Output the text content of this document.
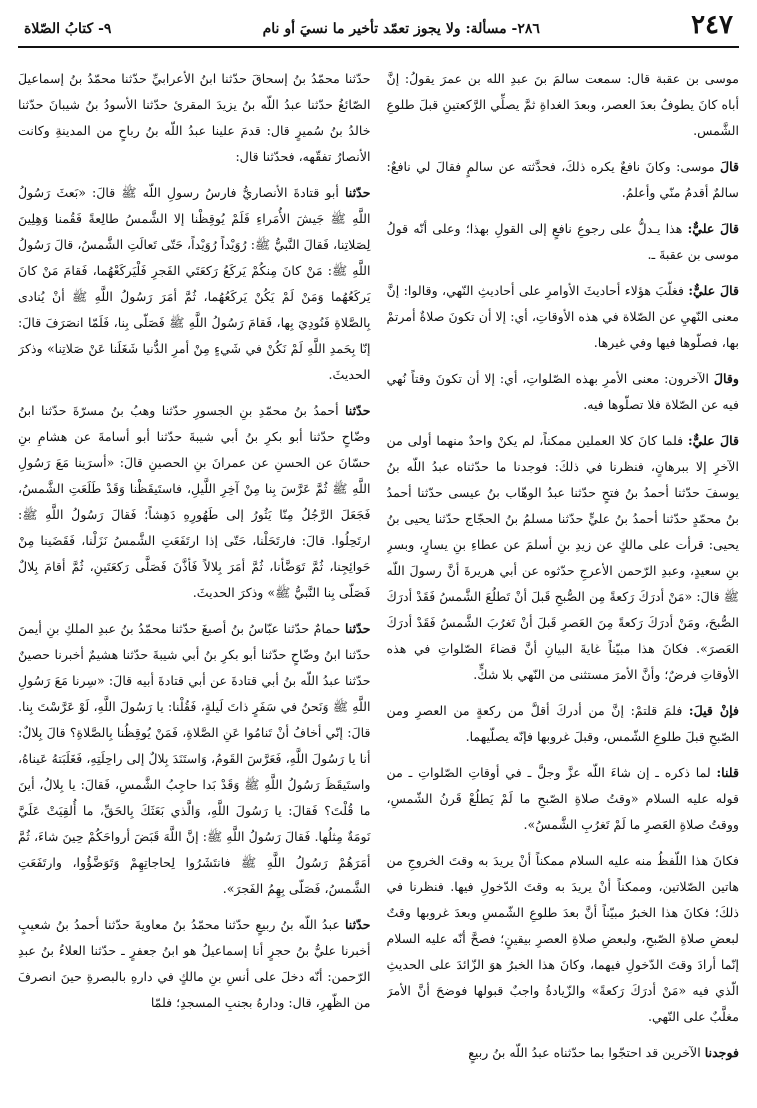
٢٤٧
٢٨٦- مسألة: ولا يجوز تعمّد تأخير ما نسيَ أو نام
٩- كتابُ الصّلاة

موسى بن عقبة قال: سمعت سالمَ بنَ عبدِ الله بن عمرَ يقولُ: إنَّ أباه كانَ يطوفُ بعدَ العصر، وبعدَ الغداةِ ثمَّ يصلِّي الرَّكعتينِ قبلَ طلوعِ الشَّمس.

قالَ موسى: وكانَ نافعٌ يكره ذلكَ، فحدَّثته عن سالمٍ فقالَ لي نافعٌ: سالمٌ أقدمُ منّي وأعلمُ.

قالَ عليٌّ: هذا يـدلُّ على رجوعِ نافعٍ إلى القولِ بهذا؛ وعلى أنّه قولُ موسى بن عقبةَ ـ.

قالَ عليٌّ: فغلّبَ هؤلاء أحاديثَ الأوامرِ على أحاديثِ النّهي، وقالوا: إنَّ معنى النّهيِ عن الصّلاة في هذه الأوقاتِ، أي: إلا أن تكونَ صلاةٌ أمرتمْ بها، فصلّوها فيها وفي غيرها.

وقالَ الآخرون: معنى الأمرِ بهذه الصّلواتِ، أي: إلا أن تكونَ وقتاً نُهي فيه عن الصّلاة فلا تصلّوها فيه.

قالَ عليٌّ: فلما كانَ كلا العملين ممكناً، لم يكنْ واحدٌ منهما أولى من الآخرِ إلا ببرهانٍ، فنظرنا في ذلكَ: فوجدنا ما حدّثناه عبدُ اللّه بنُ يوسفَ حدّثنا أحمدُ بنُ فتحٍ حدّثنا عبدُ الوهّاب بنُ عيسى حدّثنا أحمدُ بنُ محمّدٍ حدّثنا أحمدُ بنُ عليٍّ حدّثنا مسلمُ بنُ الحجّاج حدّثنا يحيى بنُ يحيى: قرأت على مالكٍ عن زيدِ بنِ أسلمَ عن عطاءِ بنِ يسارٍ، وبسرِ بنِ سعيدٍ، وعبدِ الرّحمن الأعرجِ حدّثوه عن أبي هريرةَ أنَّ رسولَ اللّه ﷺ قالَ: «مَنْ أدرَكَ رَكعةً مِن الصُّبحِ قَبلَ أنْ تَطلُعَ الشَّمسُ فَقَدْ أدرَكَ الصُّبحَ، ومَنْ أدرَكَ رَكعةً مِنَ العَصرِ قَبلَ أنْ تَغرُبَ الشَّمسُ فَقَدْ أدرَكَ العَصرَ». فكانَ هذا مبيّناً غايةَ البيانِ أنَّ قضاءَ الصّلواتِ في هذه الأوقاتِ فرضٌ؛ وأنَّ الأمرَ مستثنى من النّهي بلا شكٍّ.

فإنْ قيلَ: فلمَ قلتمْ: إنَّ من أدركَ أقلَّ من ركعةٍ من العصرِ ومن الصّبحِ قبلَ طلوعِ الشّمس، وقبلَ غروبها فإنّه يصلّيهما.

قلنا: لما ذكره ـ إن شاءَ اللّه عزَّ وجلَّ ـ في أوقاتِ الصّلواتِ ـ من قوله عليه السلام «وقتُ صلاةِ الصّبحِ ما لَمْ يَطلُعْ قَرنُ الشّمسِ، ووقتُ صلاةِ العَصرِ ما لَمْ تَغرُبِ الشَّمسُ».

فكانَ هذا اللّفظُ منه عليه السلام ممكناً أنْ يريدَ به وقتَ الخروجِ من هاتين الصّلاتين، وممكناً أنْ يريدَ به وقتَ الدّخولِ فيها. فنظرنا في ذلكَ؛ فكانَ هذا الخبرُ مبيّناً أنَّ بعدَ طلوعِ الشّمسِ وبعدَ غروبها وقتٌ لبعضِ صلاةِ الصّبحِ، ولبعضِ صلاةِ العصرِ بيقينٍ؛ فصحَّ أنّه عليه السلام إنّما أرادَ وقتَ الدّخولِ فيهما، وكانَ هذا الخبرُ هوَ الزّائدَ على الحديثِ الّذي فيه «مَنْ أدرَكَ رَكعةً» والزّيادةُ واجبٌ قبولها فوضحَ أنَّ الأمرَ مغلَّبٌ على النّهي.

فوجدنا الآخرين قد احتجّوا بما حدّثناه عبدُ اللّه بنُ ربيعٍ

حدّثنا محمّدُ بنُ إسحاقَ حدّثنا ابنُ الأعرابيِّ حدّثنا محمّدُ بنُ إسماعيلَ الصّائغُ حدّثنا عبدُ اللّه بنُ يزيدَ المقرئ حدّثنا الأسودُ بنُ شيبانَ حدّثنا خالدُ بنُ سُميرٍ قال: قدمَ علينا عبدُ اللّه بنُ رباحٍ من المدينةِ وكانت الأنصارُ تفقّهه، فحدّثنا قال:

حدّثنا أبو قتادةَ الأنصاريُّ فارسُ رسولِ اللّه ﷺ قالَ: «بَعثَ رَسُولُ اللَّهِ ﷺ جَيشَ الأُمَراءِ فَلَمْ يُوقِظْنا إلا الشَّمسُ طالِعةً فَقُمنا وَهِلِينَ لِصَلاتِنا، فَقالَ النَّبيُّ ﷺ: رُوَيْداً رُوَيْداً، حَتّى تَعالَتِ الشَّمسُ، قالَ رَسُولُ اللَّهِ ﷺ: مَنْ كانَ مِنكُمْ يَركَعُ رَكعَتَي الفَجرِ فَلْيَركَعْهُما، فَقامَ مَنْ كانَ يَركَعُهُما وَمَنْ لَمْ يَكُنْ يَركَعُهُما، ثُمَّ أمَرَ رَسُولُ اللَّهِ ﷺ أنْ يُنادى بِالصَّلاةِ فَنُودِيَ بِها، فَقامَ رَسُولُ اللَّهِ ﷺ فَصَلّى بِنا، فَلَمّا انصَرَفَ قالَ: إنّا بِحَمدِ اللَّهِ لَمْ نَكُنْ في شَيءٍ مِنْ أمرِ الدُّنيا شَغَلَنا عَنْ صَلاتِنا» وذكرَ الحديثَ.

حدّثنا أحمدُ بنُ محمّدِ بنِ الجسورِ حدّثنا وهبُ بنُ مسرّةَ حدّثنا ابنُ وضّاحٍ حدّثنا أبو بكرِ بنُ أبي شيبةَ حدّثنا أبو أسامةَ عن هشامِ بنِ حسّانَ عن الحسنِ عن عمرانَ بنِ الحصينِ قالَ: «أسرَينا مَعَ رَسُولِ اللَّهِ ﷺ ثُمَّ عَرَّسَ بِنا مِنْ آخِرِ اللَّيلِ، فاستَيقَظْنا وَقَدْ طَلَعَتِ الشَّمسُ، فَجَعَلَ الرَّجُلُ مِنّا يَثُورُ إلى طَهُورِهِ دَهِشاً؛ فَقالَ رَسُولُ اللَّهِ ﷺ: ارتَحِلُوا. قالَ: فارتَحَلْنا، حَتّى إذا ارتَفَعَتِ الشَّمسُ نَزَلْنا، فَقَضَينا مِنْ حَوائِجِنا، ثُمَّ تَوَضَّأنا، ثُمَّ أمَرَ بِلالاً فَأذَّنَ فَصَلَّى رَكعَتَينِ، ثُمَّ أقامَ بِلالٌ فَصَلّى بِنا النَّبيُّ ﷺ» وذكرَ الحديثَ.

حدّثنا حمامٌ حدّثنا عبّاسُ بنُ أصبغَ حدّثنا محمّدُ بنُ عبدِ الملكِ بنِ أيمنَ حدّثنا ابنُ وضّاحٍ حدّثنا أبو بكرِ بنُ أبي شيبةَ حدّثنا هشيمٌ أخبرنا حصينٌ حدّثنا عبدُ اللّه بنُ أبي قتادةَ عن أبي قتادةَ أبيه قالَ: «سِرنا مَعَ رَسُولِ اللَّهِ ﷺ وَنَحنُ في سَفَرٍ ذاتَ لَيلةٍ، فَقُلْنا: يا رَسُولَ اللَّهِ، لَوْ عَرَّسْتَ بِنا. قالَ: إنّي أخافُ أنْ تَنامُوا عَنِ الصَّلاةِ، فَمَنْ يُوقِظُنا بِالصَّلاةِ؟ قالَ بِلالٌ: أنا يا رَسُولَ اللَّهِ، فَعَرَّسَ القَومُ، وَاستَنَدَ بِلالٌ إلى راحِلَتِهِ، فَغَلَبَتهُ عَيناهُ، واستَيقَظَ رَسُولُ اللَّهِ ﷺ وَقَدْ بَدا حاجِبُ الشَّمسِ، فَقالَ: يا بِلالُ، أينَ ما قُلْتَ؟ فَقالَ: يا رَسُولَ اللَّهِ، وَالَّذي بَعَثَكَ بِالحَقِّ، ما أُلقِيَتْ عَلَيَّ نَومَةٌ مِثلُها. فَقالَ رَسُولُ اللَّهِ ﷺ: إنَّ اللَّهَ قَبَضَ أرواحَكُمْ حِينَ شاءَ، ثُمَّ أمَرَهُمْ رَسُولُ اللَّهِ ﷺ فانتَشَرُوا لِحاجاتِهِمْ وَتَوَضَّؤُوا، وارتَفَعَتِ الشَّمسُ، فَصَلّى بِهِمُ الفَجرَ».

حدّثنا عبدُ اللّه بنُ ربيعٍ حدّثنا محمّدُ بنُ معاويةَ حدّثنا أحمدُ بنُ شعيبٍ أخبرنا عليُّ بنُ حجرٍ أنا إسماعيلُ هو ابنُ جعفرٍ ـ حدّثنا العلاءُ بنُ عبدِ الرّحمن: أنّه دخلَ على أنسِ بنِ مالكٍ في دارهِ بالبصرةِ حينَ انصرفَ من الظّهرِ، قال: ودارهُ بجنبِ المسجدِ؛ فلمّا
